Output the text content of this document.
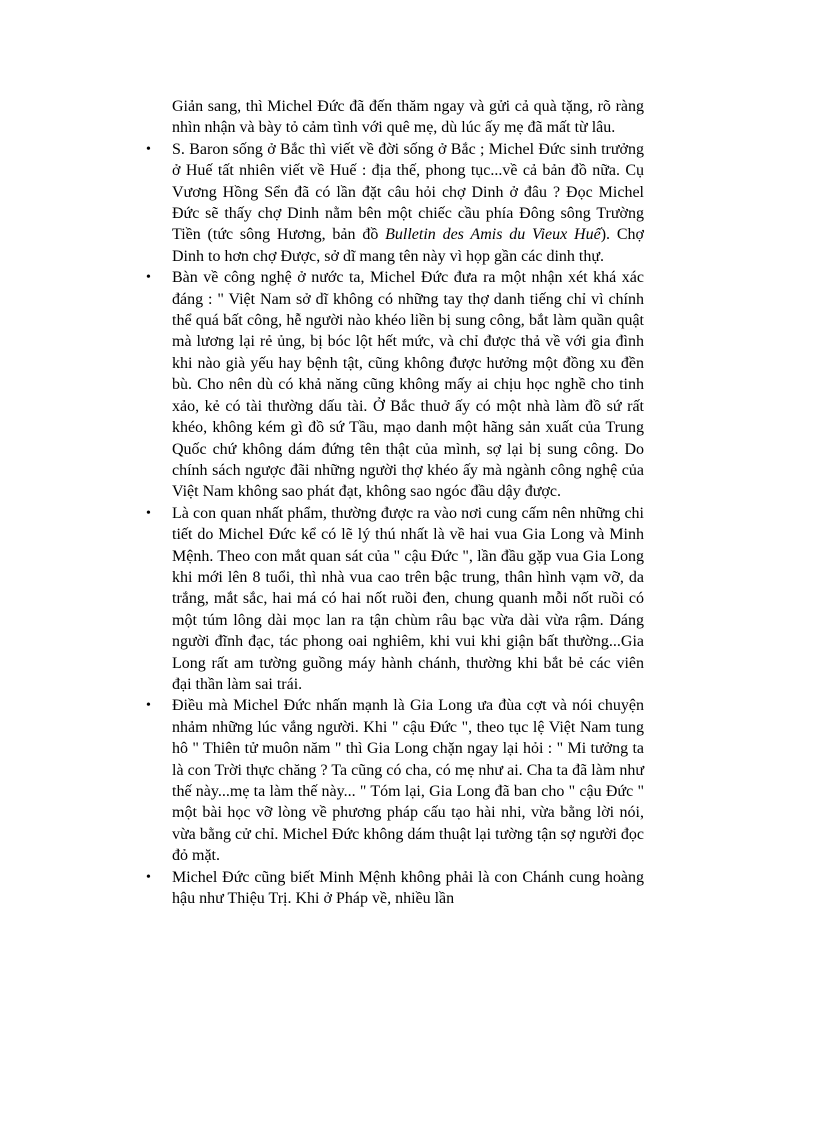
Giản sang, thì Michel Đức đã đến thăm ngay và gửi cả quà tặng, rõ ràng nhìn nhận và bày tỏ cảm tình với quê mẹ, dù lúc ấy mẹ đã mất từ lâu.

• S. Baron sống ở Bắc thì viết về đời sống ở Bắc ; Michel Đức sinh trưởng ở Huế tất nhiên viết về Huế : địa thế, phong tục...về cả bản đồ nữa. Cụ Vương Hồng Sển đã có lần đặt câu hỏi chợ Dinh ở đâu ? Đọc Michel Đức sẽ thấy chợ Dinh nằm bên một chiếc cầu phía Đông sông Trường Tiền (tức sông Hương, bản đồ Bulletin des Amis du Vieux Huế). Chợ Dinh to hơn chợ Được, sở dĩ mang tên này vì họp gần các dinh thự.
• Bàn về công nghệ ở nước ta, Michel Đức đưa ra một nhận xét khá xác đáng : " Việt Nam sở dĩ không có những tay thợ danh tiếng chỉ vì chính thể quá bất công, hễ người nào khéo liền bị sung công, bắt làm quần quật mà lương lại rẻ ủng, bị bóc lột hết mức, và chỉ được thả về với gia đình khi nào già yếu hay bệnh tật, cũng không được hưởng một đồng xu đền bù. Cho nên dù có khả năng cũng không mấy ai chịu học nghề cho tinh xảo, kẻ có tài thường dấu tài. Ở Bắc thuở ấy có một nhà làm đồ sứ rất khéo, không kém gì đồ sứ Tầu, mạo danh một hãng sản xuất của Trung Quốc chứ không dám đứng tên thật của mình, sợ lại bị sung công. Do chính sách ngược đãi những người thợ khéo ấy mà ngành công nghệ của Việt Nam không sao phát đạt, không sao ngóc đầu dậy được.
• Là con quan nhất phẩm, thường được ra vào nơi cung cấm nên những chi tiết do Michel Đức kể có lẽ lý thú nhất là về hai vua Gia Long và Minh Mệnh. Theo con mắt quan sát của " cậu Đức ", lần đầu gặp vua Gia Long khi mới lên 8 tuổi, thì nhà vua cao trên bậc trung, thân hình vạm vỡ, da trắng, mắt sắc, hai má có hai nốt ruồi đen, chung quanh mỗi nốt ruồi có một túm lông dài mọc lan ra tận chùm râu bạc vừa dài vừa rậm. Dáng người đĩnh đạc, tác phong oai nghiêm, khi vui khi giận bất thường...Gia Long rất am tường guồng máy hành chánh, thường khi bắt bẻ các viên đại thần làm sai trái.
• Điều mà Michel Đức nhấn mạnh là Gia Long ưa đùa cợt và nói chuyện nhảm những lúc vắng người. Khi " cậu Đức ", theo tục lệ Việt Nam tung hô " Thiên tử muôn năm " thì Gia Long chặn ngay lại hỏi : " Mi tưởng ta là con Trời thực chăng ? Ta cũng có cha, có mẹ như ai. Cha ta đã làm như thế này...mẹ ta làm thế này... " Tóm lại, Gia Long đã ban cho " cậu Đức " một bài học vỡ lòng về phương pháp cấu tạo hài nhi, vừa bằng lời nói, vừa bằng cử chỉ. Michel Đức không dám thuật lại tường tận sợ người đọc đỏ mặt.
• Michel Đức cũng biết Minh Mệnh không phải là con Chánh cung hoàng hậu như Thiệu Trị. Khi ở Pháp về, nhiều lần
